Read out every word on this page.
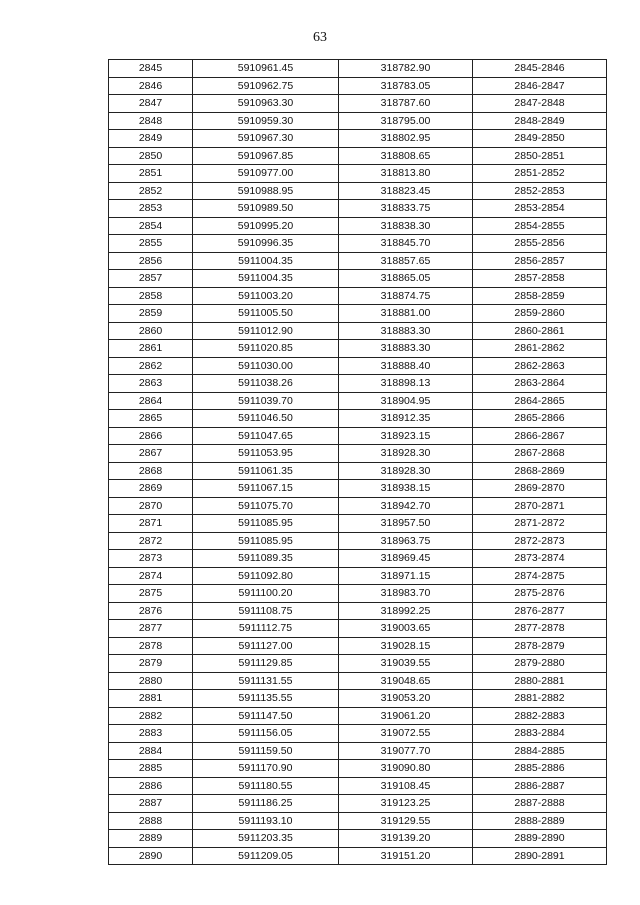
63
2845	5910961.45	318782.90	2845-2846
2846	5910962.75	318783.05	2846-2847
2847	5910963.30	318787.60	2847-2848
2848	5910959.30	318795.00	2848-2849
2849	5910967.30	318802.95	2849-2850
2850	5910967.85	318808.65	2850-2851
2851	5910977.00	318813.80	2851-2852
2852	5910988.95	318823.45	2852-2853
2853	5910989.50	318833.75	2853-2854
2854	5910995.20	318838.30	2854-2855
2855	5910996.35	318845.70	2855-2856
2856	5911004.35	318857.65	2856-2857
2857	5911004.35	318865.05	2857-2858
2858	5911003.20	318874.75	2858-2859
2859	5911005.50	318881.00	2859-2860
2860	5911012.90	318883.30	2860-2861
2861	5911020.85	318883.30	2861-2862
2862	5911030.00	318888.40	2862-2863
2863	5911038.26	318898.13	2863-2864
2864	5911039.70	318904.95	2864-2865
2865	5911046.50	318912.35	2865-2866
2866	5911047.65	318923.15	2866-2867
2867	5911053.95	318928.30	2867-2868
2868	5911061.35	318928.30	2868-2869
2869	5911067.15	318938.15	2869-2870
2870	5911075.70	318942.70	2870-2871
2871	5911085.95	318957.50	2871-2872
2872	5911085.95	318963.75	2872-2873
2873	5911089.35	318969.45	2873-2874
2874	5911092.80	318971.15	2874-2875
2875	5911100.20	318983.70	2875-2876
2876	5911108.75	318992.25	2876-2877
2877	5911112.75	319003.65	2877-2878
2878	5911127.00	319028.15	2878-2879
2879	5911129.85	319039.55	2879-2880
2880	5911131.55	319048.65	2880-2881
2881	5911135.55	319053.20	2881-2882
2882	5911147.50	319061.20	2882-2883
2883	5911156.05	319072.55	2883-2884
2884	5911159.50	319077.70	2884-2885
2885	5911170.90	319090.80	2885-2886
2886	5911180.55	319108.45	2886-2887
2887	5911186.25	319123.25	2887-2888
2888	5911193.10	319129.55	2888-2889
2889	5911203.35	319139.20	2889-2890
2890	5911209.05	319151.20	2890-2891
